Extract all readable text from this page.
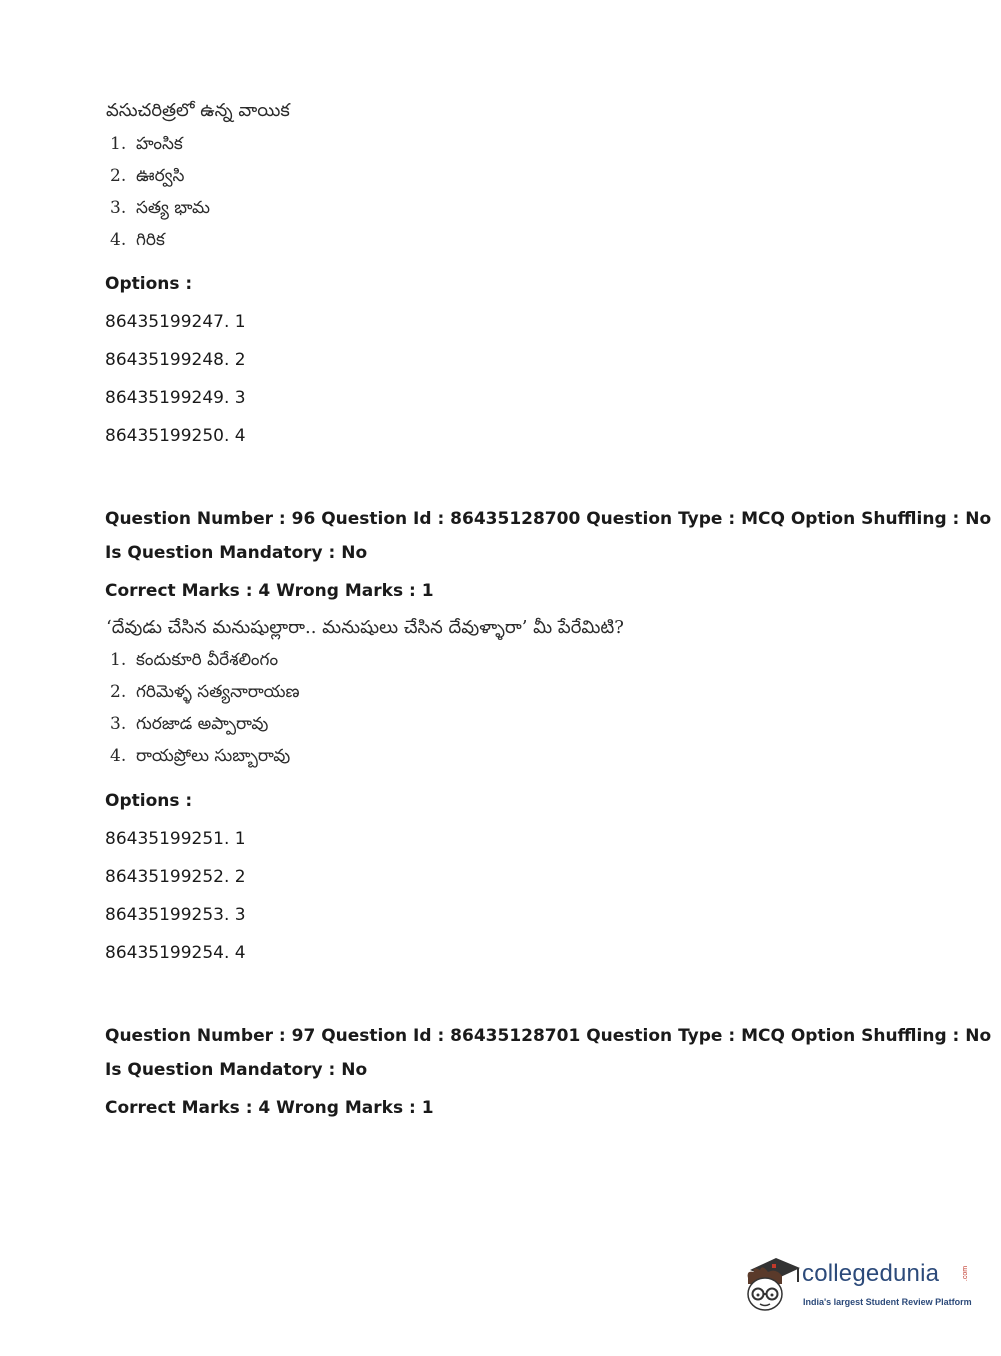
వసుచరిత్రలో ఉన్న వాయిక
1. హంసిక
2. ఊర్వసి
3. సత్య భామ
4. గిరిక
Options :
86435199247. 1
86435199248. 2
86435199249. 3
86435199250. 4
Question Number : 96 Question Id : 86435128700 Question Type : MCQ Option Shuffling : No
Is Question Mandatory : No
Correct Marks : 4 Wrong Marks : 1
‘దేవుడు చేసిన మనుషుల్లారా.. మనుషులు చేసిన దేవుళ్ళారా’ మీ పేరేమిటి?
1. కందుకూరి వీరేశలింగం
2. గరిమెళ్ళ సత్యనారాయణ
3. గురజాడ అప్పారావు
4. రాయప్రోలు సుబ్బారావు
Options :
86435199251. 1
86435199252. 2
86435199253. 3
86435199254. 4
Question Number : 97 Question Id : 86435128701 Question Type : MCQ Option Shuffling : No
Is Question Mandatory : No
Correct Marks : 4 Wrong Marks : 1
collegedunia	.com
India's largest Student Review Platform
